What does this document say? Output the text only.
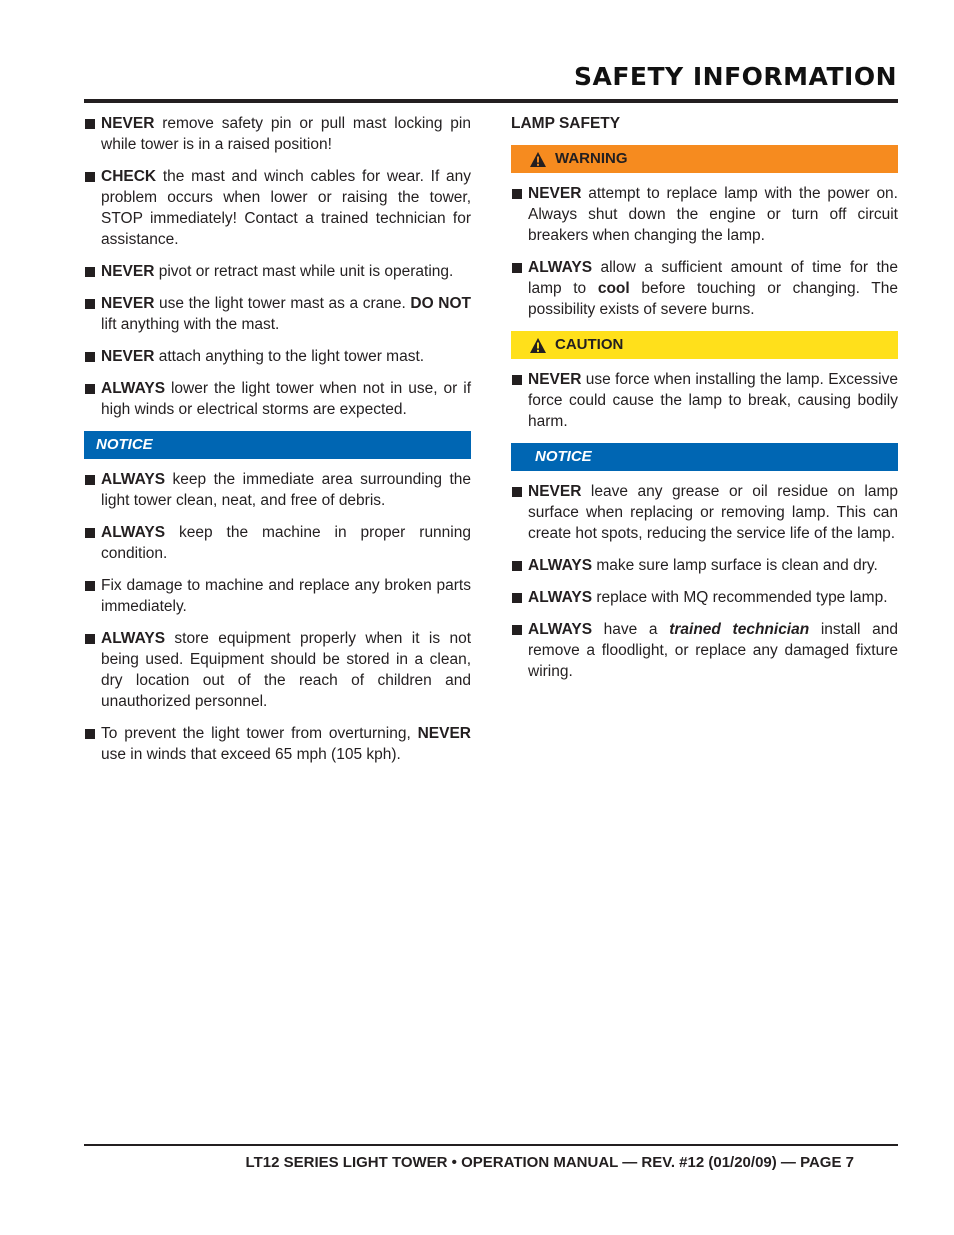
SAFETY INFORMATION
NEVER remove safety pin or pull mast locking pin while tower is in a raised position!
CHECK the mast and winch cables for wear. If any problem occurs when lower or raising the tower, STOP immediately! Contact a trained technician for assistance.
NEVER pivot or retract mast while unit is operating.
NEVER use the light tower mast as a crane. DO NOT lift anything with the mast.
NEVER attach anything to the light tower mast.
ALWAYS lower the light tower when not in use, or if high winds or electrical storms are expected.
NOTICE
ALWAYS keep the immediate area surrounding the light tower clean, neat, and free of debris.
ALWAYS keep the machine in proper running condition.
Fix damage to machine and replace any broken parts immediately.
ALWAYS store equipment properly when it is not being used. Equipment should be stored in a clean, dry location out of the reach of children and unauthorized personnel.
To prevent the light tower from overturning, NEVER use in winds that exceed 65 mph (105 kph).
LAMP SAFETY
WARNING
NEVER attempt to replace lamp with the power on. Always shut down the engine or turn off circuit breakers when changing the lamp.
ALWAYS allow a sufficient amount of time for the lamp to cool before touching or changing. The possibility exists of severe burns.
CAUTION
NEVER use force when installing the lamp. Excessive force could cause the lamp to break, causing bodily harm.
NOTICE
NEVER leave any grease or oil residue on lamp surface when replacing or removing lamp. This can create hot spots, reducing the service life of the lamp.
ALWAYS make sure lamp surface is clean and dry.
ALWAYS replace with MQ recommended type lamp.
ALWAYS have a trained technician install and remove a floodlight, or replace any damaged fixture wiring.
LT12 SERIES LIGHT TOWER • OPERATION MANUAL — REV. #12 (01/20/09) — PAGE 7
